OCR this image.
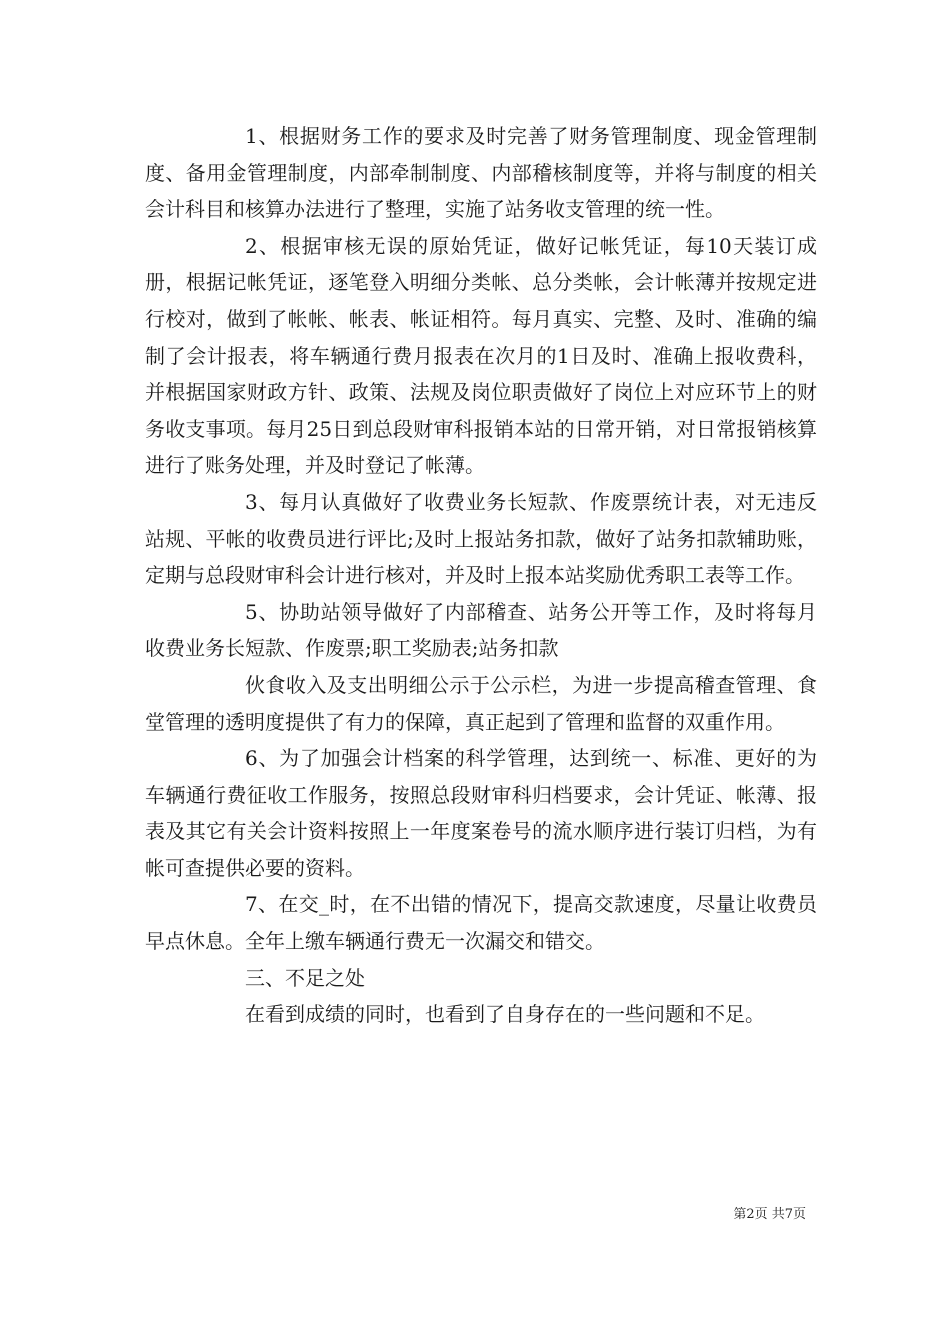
1、根据财务工作的要求及时完善了财务管理制度、现金管理制度、备用金管理制度，内部牵制制度、内部稽核制度等，并将与制度的相关会计科目和核算办法进行了整理，实施了站务收支管理的统一性。

2、根据审核无误的原始凭证，做好记帐凭证，每10天装订成册，根据记帐凭证，逐笔登入明细分类帐、总分类帐，会计帐薄并按规定进行校对，做到了帐帐、帐表、帐证相符。每月真实、完整、及时、准确的编制了会计报表，将车辆通行费月报表在次月的1日及时、准确上报收费科，并根据国家财政方针、政策、法规及岗位职责做好了岗位上对应环节上的财务收支事项。每月25日到总段财审科报销本站的日常开销，对日常报销核算进行了账务处理，并及时登记了帐薄。

3、每月认真做好了收费业务长短款、作废票统计表，对无违反站规、平帐的收费员进行评比;及时上报站务扣款，做好了站务扣款辅助账，定期与总段财审科会计进行核对，并及时上报本站奖励优秀职工表等工作。

5、协助站领导做好了内部稽查、站务公开等工作，及时将每月收费业务长短款、作废票;职工奖励表;站务扣款

伙食收入及支出明细公示于公示栏，为进一步提高稽查管理、食堂管理的透明度提供了有力的保障，真正起到了管理和监督的双重作用。

6、为了加强会计档案的科学管理，达到统一、标准、更好的为车辆通行费征收工作服务，按照总段财审科归档要求，会计凭证、帐薄、报表及其它有关会计资料按照上一年度案卷号的流水顺序进行装订归档，为有帐可查提供必要的资料。

7、在交_时，在不出错的情况下，提高交款速度，尽量让收费员早点休息。全年上缴车辆通行费无一次漏交和错交。

三、不足之处

在看到成绩的同时，也看到了自身存在的一些问题和不足。

第2页 共7页
